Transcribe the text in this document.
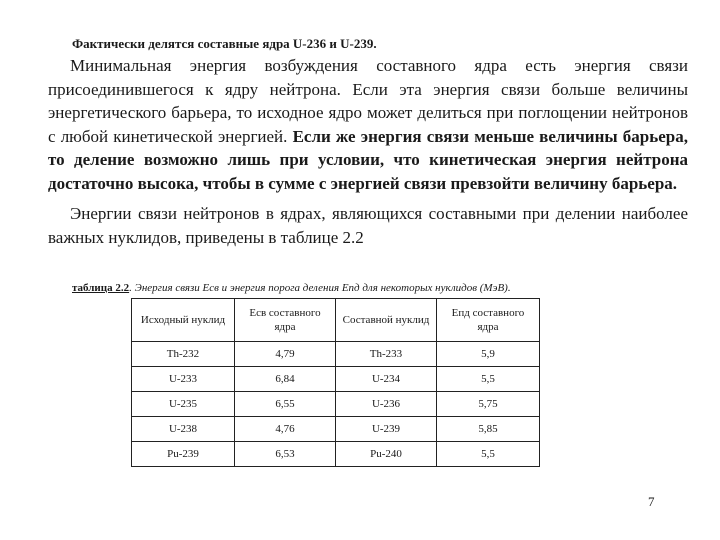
Фактически делятся составные ядра U-236 и U-239.

Минимальная энергия возбуждения составного ядра есть энергия связи присоединившегося к ядру нейтрона. Если эта энергия связи больше величины энергетического барьера, то исходное ядро может делиться при поглощении нейтронов с любой кинетической энергией. Если же энергия связи меньше величины барьера, то деление возможно лишь при условии, что кинетическая энергия нейтрона достаточно высока, чтобы в сумме с энергией связи превзойти величину барьера.

Энергии связи нейтронов в ядрах, являющихся составными при делении наиболее важных нуклидов, приведены в таблице 2.2

таблица 2.2. Энергия связи Есв и энергия порога деления Епд для некоторых нуклидов (МэВ).

Исходный нуклид	Есв составного ядра	Составной нуклид	Епд составного ядра
Th-232	4,79	Th-233	5,9
U-233	6,84	U-234	5,5
U-235	6,55	U-236	5,75
U-238	4,76	U-239	5,85
Pu-239	6,53	Pu-240	5,5
7
